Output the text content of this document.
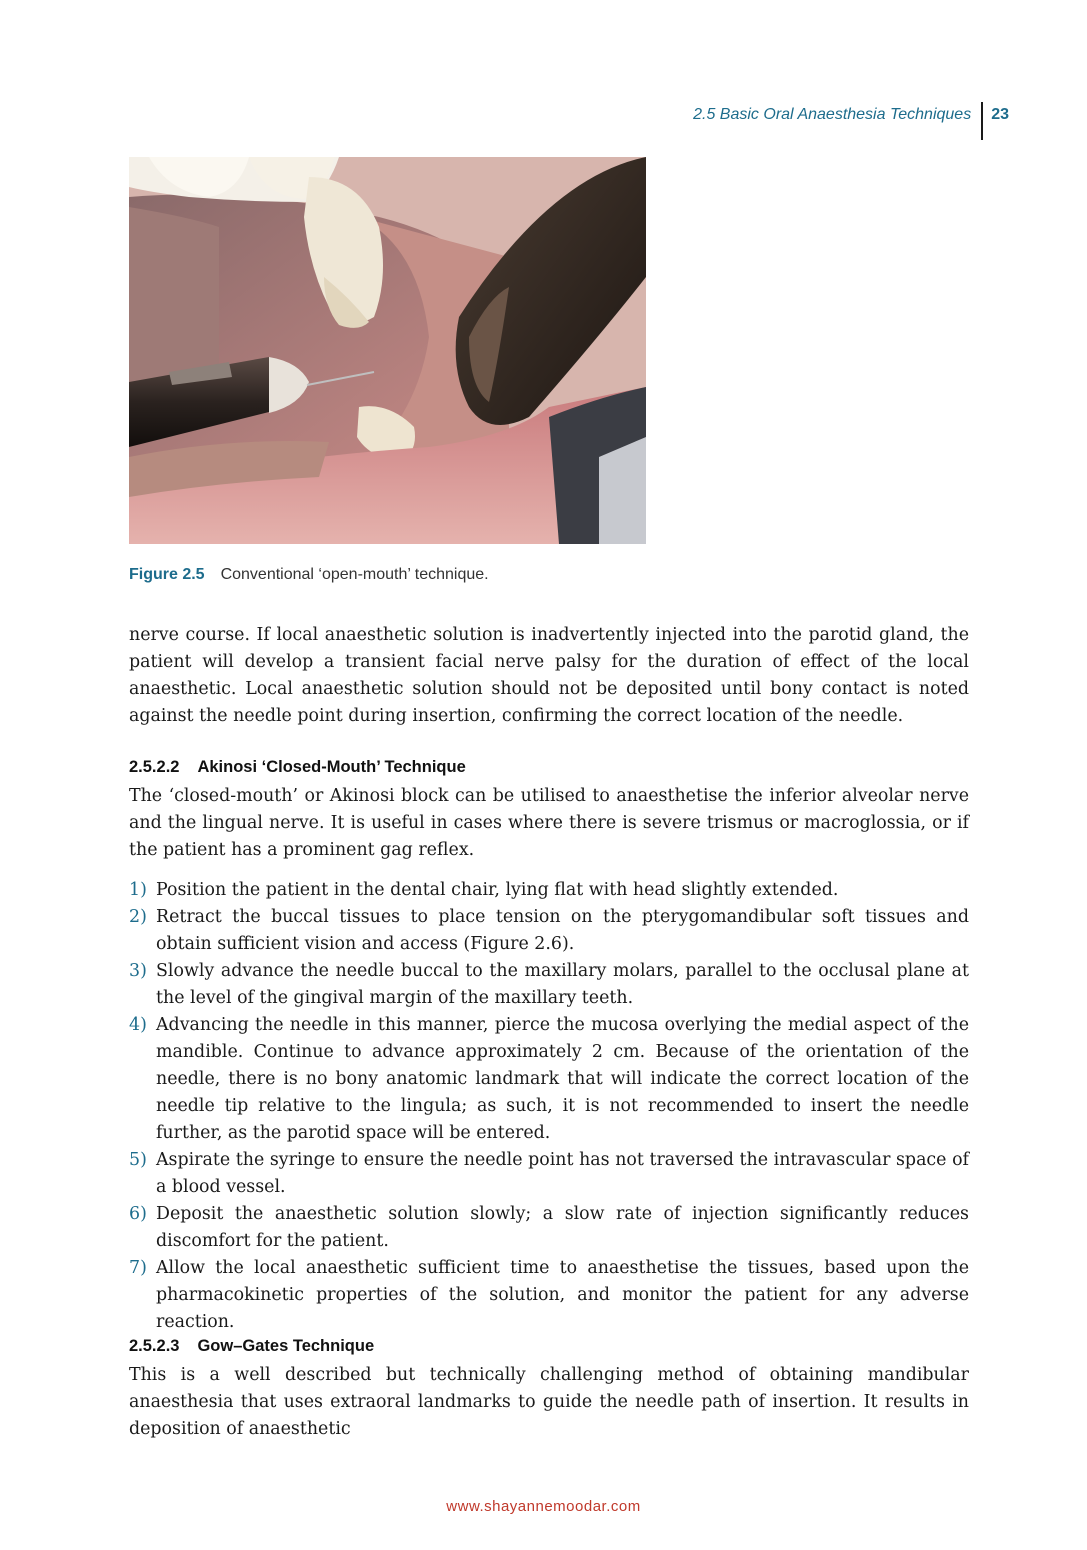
2.5 Basic Oral Anaesthesia Techniques 23
Figure 2.5 Conventional ‘open-mouth’ technique.

nerve course. If local anaesthetic solution is inadvertently injected into the parotid gland, the patient will develop a transient facial nerve palsy for the duration of effect of the local anaesthetic. Local anaesthetic solution should not be deposited until bony contact is noted against the needle point during insertion, confirming the correct location of the needle.

2.5.2.2 Akinosi ‘Closed-Mouth’ Technique

The ‘closed-mouth’ or Akinosi block can be utilised to anaesthetise the inferior alveolar nerve and the lingual nerve. It is useful in cases where there is severe trismus or macroglossia, or if the patient has a prominent gag reflex.

1) Position the patient in the dental chair, lying flat with head slightly extended.
2) Retract the buccal tissues to place tension on the pterygomandibular soft tissues and obtain sufficient vision and access (Figure 2.6).
3) Slowly advance the needle buccal to the maxillary molars, parallel to the occlusal plane at the level of the gingival margin of the maxillary teeth.
4) Advancing the needle in this manner, pierce the mucosa overlying the medial aspect of the mandible. Continue to advance approximately 2 cm. Because of the orientation of the needle, there is no bony anatomic landmark that will indicate the correct location of the needle tip relative to the lingula; as such, it is not recommended to insert the needle further, as the parotid space will be entered.
5) Aspirate the syringe to ensure the needle point has not traversed the intravascular space of a blood vessel.
6) Deposit the anaesthetic solution slowly; a slow rate of injection significantly reduces discomfort for the patient.
7) Allow the local anaesthetic sufficient time to anaesthetise the tissues, based upon the pharmacokinetic properties of the solution, and monitor the patient for any adverse reaction.
2.5.2.3 Gow–Gates Technique

This is a well described but technically challenging method of obtaining mandibular anaesthesia that uses extraoral landmarks to guide the needle path of insertion. It results in deposition of anaesthetic

www.shayannemoodar.com
